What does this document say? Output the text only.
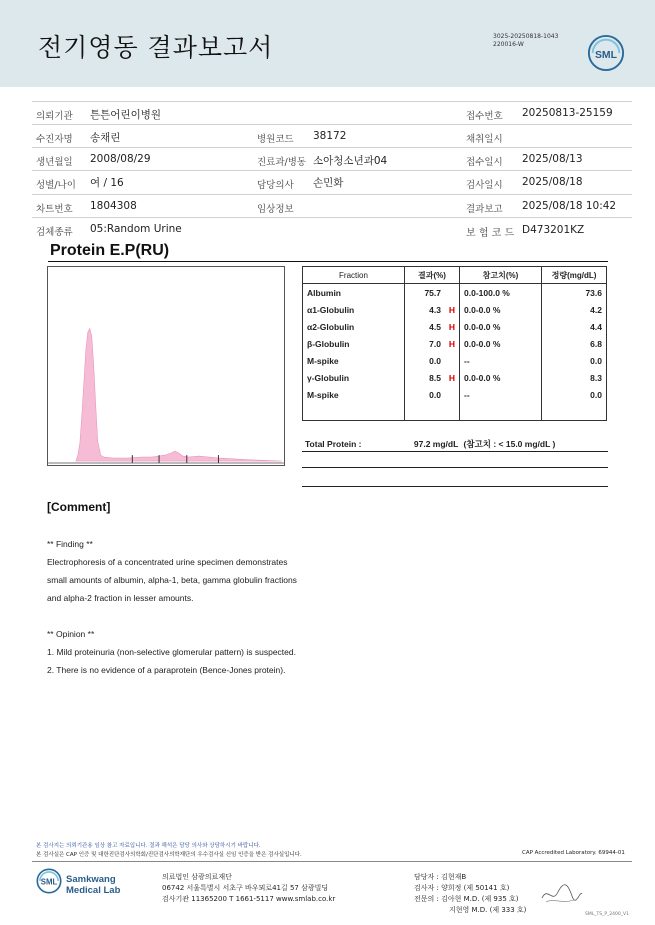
전기영동 결과보고서	3025-20250818-1043
220016-W
SML
의뢰기관 튼튼어린이병원	접수번호 20250813-25159
수진자명 송채린	병원코드 38172	채취일시
생년월일 2008/08/29	진료과/병동 소아청소년과04	접수일시 2025/08/13
성별/나이 여 / 16	담당의사 손민화	검사일시 2025/08/18
차트번호 1804308	임상정보	결과보고 2025/08/18 10:42
검체종류 05:Random Urine	보 험 코 드 D473201KZ
Protein E.P(RU)
Fraction	결과(%)	참고치(%)	정량(mg/dL)
Albumin	75.7	0.0-100.0 %	73.6
α1-Globulin	4.3 H	0.0-0.0 %	4.2
α2-Globulin	4.5 H	0.0-0.0 %	4.4
β-Globulin	7.0 H	0.0-0.0 %	6.8
M-spike	0.0	--	0.0
γ-Globulin	8.5 H	0.0-0.0 %	8.3
M-spike	0.0	--	0.0

Total Protein :	97.2 mg/dL (참고치 : < 15.0 mg/dL )
[Comment]
** Finding **
Electrophoresis of a concentrated urine specimen demonstrates
small amounts of albumin, alpha-1, beta, gamma globulin fractions
and alpha-2 fraction in lesser amounts.
** Opinion **
1. Mild proteinuria (non-selective glomerular pattern) is suspected.
2. There is no evidence of a paraprotein (Bence-Jones protein).
본 검사지는 의뢰기관용 임상 참고 자료입니다. 결과 해석은 담당 의사와 상담하시기 바랍니다.
본 검사실은 CAP 인증 및 대한진단검사의학회/진단검사의학재단의 우수검사실 신임 인증을 받은 검사실입니다.	CAP Accredited Laboratory. 69944-01
SML Samkwang
Medical Lab
의료법인 삼광의료재단
06742 서울특별시 서초구 바우뫼로41길 57 삼광빌딩
검사기관 11365200 T 1661-5117 www.smlab.co.kr
담당자 : 김현재B
검사자 : 양희정 (제 50141 호)
전문의 : 김아현 M.D. (제 935 호)
지현영 M.D. (제 333 호)
SML_TS_P_2400_V1
